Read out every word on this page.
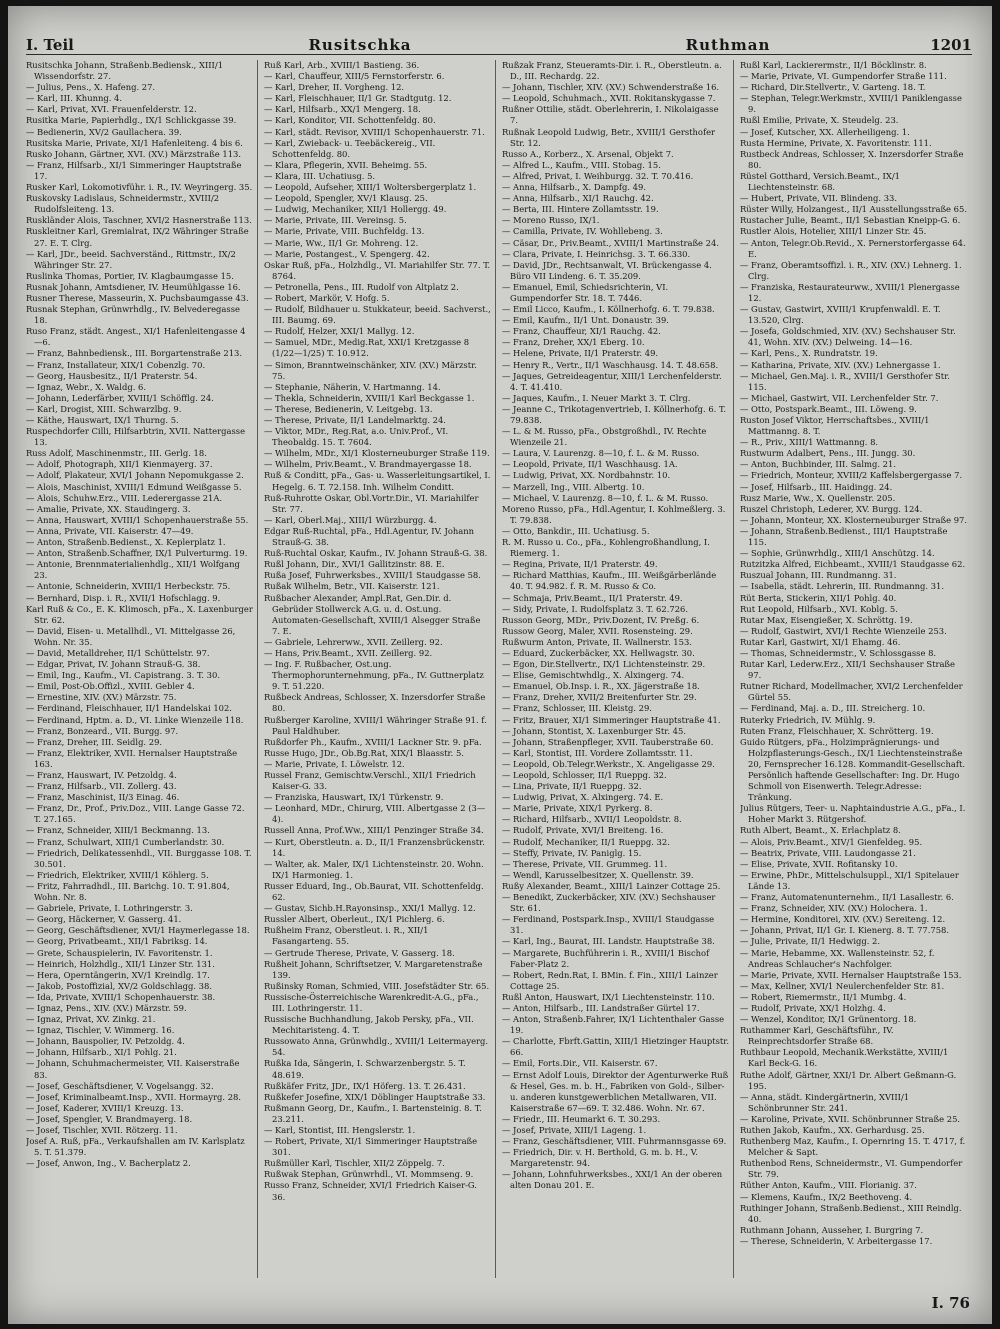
I. Teil	Rusitschka	Ruthman	1201
Rusitschka Johann, Straßenb.Bediensk., XIII/1 Wissendorfstr. 27.
— Julius, Pens., X. Hafeng. 27.
— Karl, III. Khunng. 4.
— Karl, Privat, XVI. Frauenfelderstr. 12.
Rusitka Marie, Papierhdlg., IX/1 Schlickgasse 39.
— Bedienerin, XV/2 Gaullachera. 39.
Rusitska Marie, Private, XI/1 Hafenleiteng. 4 bis 6.
Rusko Johann, Gärtner, XVI. (XV.) Märzstraße 113.
— Franz, Hilfsarb., XI/1 Simmeringer Hauptstraße 17.
Rusker Karl, Lokomotivführ. i. R., IV. Weyringerg. 35.
Ruskovsky Ladislaus, Schneidermstr., XVIII/2 Rudolfsleiteng. 13.
Ruskländer Alois, Taschner, XVI/2 Hasnerstraße 113.
Ruskleitner Karl, Gremialrat, IX/2 Währinger Straße 27. E. T. Clrg.
— Karl, JDr., beeid. Sachverständ., Rittmstr., IX/2 Währinger Str. 27.
Ruslinka Thomas, Portier, IV. Klagbaumgasse 15.
Rusnak Johann, Amtsdiener, IV. Heumühlgasse 16.
Rusner Therese, Masseurin, X. Puchsbaumgasse 43.
Rusnak Stephan, Grünwrhdlg., IV. Belvederegasse 18.
Ruso Franz, städt. Angest., XI/1 Hafenleitengasse 4—6.
— Franz, Bahnbediensk., III. Borgartenstraße 213.
— Franz, Installateur, XIX/1 Cobenzlg. 70.
— Georg, Hausbesitz., II/1 Praterstr. 54.
— Ignaz, Webr., X. Waldg. 6.
— Johann, Lederfärber, XVIII/1 Schöfflg. 24.
— Karl, Drogist, XIII. Schwarzlbg. 9.
— Käthe, Hauswart, IX/1 Thurng. 5.
Ruspechdorfer Cilli, Hilfsarbtrin, XVII. Nattergasse 13.
Russ Adolf, Maschinenmstr., III. Gerlg. 18.
— Adolf, Photograph, XII/1 Kienmayerg. 37.
— Adolf, Plakateur, XVI/1 Johann Nepomukgasse 2.
— Alois, Maschinist, XVIII/1 Edmund Weißgasse 5.
— Alois, Schuhw.Erz., VIII. Lederergasse 21A.
— Amalie, Private, XX. Staudingerg. 3.
— Anna, Hauswart, XVIII/1 Schopenhauerstraße 55.
— Anna, Private, VII. Kaiserstr. 47—49.
— Anton, Straßenb.Bedienst., X. Keplerplatz 1.
— Anton, Straßenb.Schaffner, IX/1 Pulverturmg. 19.
— Antonie, Brennmaterialienhdlg., XII/1 Wolfgang 23.
— Antonie, Schneiderin, XVIII/1 Herbeckstr. 75.
— Bernhard, Disp. i. R., XVII/1 Hofschlagg. 9.
Karl Ruß & Co., E. K. Klimosch, pFa., X. Laxenburger Str. 62.
— David, Eisen- u. Metallhdl., VI. Mittelgasse 26, Wohn. Nr. 35.
— David, Metalldreher, II/1 Schüttelstr. 97.
— Edgar, Privat, IV. Johann Strauß-G. 38.
— Emil, Ing., Kaufm., VI. Capistrang. 3. T. 30.
— Emil, Post-Ob.Offizl., XVIII. Gebler 4.
— Ernestine, XIV. (XV.) Märzstr. 75.
— Ferdinand, Fleischhauer, II/1 Handelskai 102.
— Ferdinand, Hptm. a. D., VI. Linke Wienzeile 118.
— Franz, Bonzeard., VII. Burgg. 97.
— Franz, Dreher, III. Seidlg. 29.
— Franz, Elektriker, XVII. Hernalser Hauptstraße 163.
— Franz, Hauswart, IV. Petzoldg. 4.
— Franz, Hilfsarb., VII. Zollerg. 43.
— Franz, Maschinist, II/3 Einag. 46.
— Franz, Dr., Prof., Priv.Doz., VIII. Lange Gasse 72. T. 27.165.
— Franz, Schneider, XIII/1 Beckmanng. 13.
— Franz, Schulwart, XIII/1 Cumberlandstr. 30.
— Friedrich, Delikatessenhdl., VII. Burggasse 108. T. 30.501.
— Friedrich, Elektriker, XVIII/1 Köhlerg. 5.
— Fritz, Fahrradhdl., III. Barichg. 10. T. 91.804, Wohn. Nr. 8.
— Gabriele, Private, I. Lothringerstr. 3.
— Georg, Häckerner, V. Gasserg. 41.
— Georg, Geschäftsdiener, XVI/1 Haymerlegasse 18.
— Georg, Privatbeamt., XII/1 Fabriksg. 14.
— Grete, Schauspielerin, IV. Favoritenstr. 1.
— Heinrich, Holzhdlg., XII/1 Linzer Str. 131.
— Hera, Operntängerin, XV/1 Kreindlg. 17.
— Jakob, Postoffizial, XV/2 Goldschlagg. 38.
— Ida, Private, XVIII/1 Schopenhauerstr. 38.
— Ignaz, Pens., XIV. (XV.) Märzstr. 59.
— Ignaz, Privat, XV. Zinkg. 21.
— Ignaz, Tischler, V. Wimmerg. 16.
— Johann, Bauspolier, IV. Petzoldg. 4.
— Johann, Hilfsarb., XI/1 Pohlg. 21.
— Johann, Schuhmachermeister, VII. Kaiserstraße 83.
— Josef, Geschäftsdiener, V. Vogelsangg. 32.
— Josef, Kriminalbeamt.Insp., XVII. Hormayrg. 28.
— Josef, Kaderer, XVIII/1 Kreuzg. 13.
— Josef, Spengler, V. Brandmayerg. 18.
— Josef, Tischler, XVII. Rötzerg. 11.
Josef A. Ruß, pFa., Verkaufshallen am IV. Karlsplatz 5. T. 51.379.
— Josef, Anwon, Ing., V. Bacherplatz 2.
Ruß Karl, Arb., XVIII/1 Bastieng. 36.
— Karl, Chauffeur, XIII/5 Fernstorferstr. 6.
— Karl, Dreher, II. Vorgheng. 12.
— Karl, Fleischhauer, II/1 Gr. Stadtgutg. 12.
— Karl, Hilfsarb., XX/1 Mengerg. 18.
— Karl, Konditor, VII. Schottenfeldg. 80.
— Karl, städt. Revisor, XVIII/1 Schopenhauerstr. 71.
— Karl, Zwieback- u. Teebäckereig., VII. Schottenfeldg. 80.
— Klara, Pflegerin, XVII. Beheimg. 55.
— Klara, III. Uchatiusg. 5.
— Leopold, Aufseher, XIII/1 Woltersbergerplatz 1.
— Leopold, Spengler, XV/1 Klausg. 25.
— Ludwig, Mechaniker, XII/1 Hollergg. 49.
— Marie, Private, III. Vereinsg. 5.
— Marie, Private, VIII. Buchfeldg. 13.
— Marie, Ww., II/1 Gr. Mohreng. 12.
— Marie, Postangest., V. Spengerg. 42.
Oskar Ruß, pFa., Holzhdlg., VI. Mariahilfer Str. 77. T. 8764.
— Petronella, Pens., III. Rudolf von Altplatz 2.
— Robert, Markör, V. Hofg. 5.
— Rudolf, Bildhauer u. Stukkateur, beeid. Sachverst., III. Baumg. 69.
— Rudolf, Helzer, XXI/1 Mallyg. 12.
— Samuel, MDr., Medig.Rat, XXI/1 Kretzgasse 8 (1/22—1/25) T. 10.912.
— Simon, Branntweinschänker, XIV. (XV.) Märzstr. 75.
— Stephanie, Näherin, V. Hartmanng. 14.
— Thekla, Schneiderin, XVIII/1 Karl Beckgasse 1.
— Therese, Bedienerin, V. Leitgebg. 13.
— Therese, Private, II/1 Landelmarktg. 24.
— Viktor, MDr., Reg.Rat, a.o. Univ.Prof., VI. Theobaldg. 15. T. 7604.
— Wilhelm, MDr., XI/1 Klosterneuburger Straße 119.
— Wilhelm, Priv.Beamt., V. Brandmayergasse 18.
Ruß & Conditt, pFa., Gas- u. Wasserleitungsartikel, I. Hegelg. 6. T. 72.158. Inh. Wilhelm Conditt.
Ruß-Ruhrotte Oskar, Obl.Vortr.Dir., VI. Mariahilfer Str. 77.
— Karl, Oberl.Maj., XIII/1 Würzburgg. 4.
Edgar Ruß-Ruchtal, pFa., Hdl.Agentur, IV. Johann Strauß-G. 38.
Ruß-Ruchtal Oskar, Kaufm., IV. Johann Strauß-G. 38.
Rußl Johann, Dir., XVI/1 Gallitzinstr. 88. E.
Rußa Josef, Fuhrwerksbes., XVIII/1 Staudgasse 58.
Rußak Wilhelm, Betr., VII. Kaiserstr. 121.
Rußbacher Alexander, Ampl.Rat, Gen.Dir. d. Gebrüder Stollwerck A.G. u. d. Ost.ung. Automaten-Gesellschaft, XVIII/1 Alsegger Straße 7. E.
— Gabriele, Lehrerww., XVII. Zeillerg. 92.
— Hans, Priv.Beamt., XVII. Zeillerg. 92.
— Ing. F. Rußbacher, Ost.ung. Thermophorunternehmung, pFa., IV. Guttnerplatz 9. T. 51.220.
Rußbeck Andreas, Schlosser, X. Inzersdorfer Straße 80.
Rußberger Karoline, XVIII/1 Währinger Straße 91. f. Paul Haldhuber.
Rußdorfer Ph., Kaufm., XVIII/1 Lackner Str. 9. pFa.
Russe Hugo, JDr., Ob.Bg.Rat, XIX/1 Blaasstr. 5.
— Marie, Private, I. Löwelstr. 12.
Russel Franz, Gemischtw.Verschl., XII/1 Friedrich Kaiser-G. 33.
— Franziska, Hauswart, IX/1 Türkenstr. 9.
— Leonhard, MDr., Chirurg, VIII. Albertgasse 2 (3—4).
Russell Anna, Prof.Ww., XIII/1 Penzinger Straße 34.
— Kurt, Oberstleutn. a. D., II/1 Franzensbrückenstr. 14.
— Walter, ak. Maler, IX/1 Lichtensteinstr. 20. Wohn. IX/1 Harmonieg. 1.
Russer Eduard, Ing., Ob.Baurat, VII. Schottenfeldg. 62.
— Gustav, Sichb.H.Rayonsinsp., XXI/1 Mallyg. 12.
Russler Albert, Oberleut., IX/1 Pichlerg. 6.
Rußheim Franz, Oberstleut. i. R., XII/1 Fasangarteng. 55.
— Gertrude Therese, Private, V. Gasserg. 18.
Rußheit Johann, Schriftsetzer, V. Margaretenstraße 139.
Rußinsky Roman, Schmied, VIII. Josefstädter Str. 65.
Russische-Österreichische Warenkredit-A.G., pFa., III. Lothringerstr. 11.
Russische Buchhandlung, Jakob Persky, pFa., VII. Mechitaristeng. 4. T.
Russowato Anna, Grünwhdlg., XVIII/1 Leitermayerg. 54.
Rußka Ida, Sängerin, I. Schwarzenbergstr. 5. T. 48.619.
Rußkäfer Fritz, JDr., IX/1 Höferg. 13. T. 26.431.
Rußkefer Josefine, XIX/1 Döblinger Hauptstraße 33.
Rußmann Georg, Dr., Kaufm., I. Bartensteinig. 8. T. 23.211.
— Karl, Stontist, III. Hengslerstr. 1.
— Robert, Private, XI/1 Simmeringer Hauptstraße 301.
Rußmüller Karl, Tischler, XII/2 Zöppelg. 7.
Rußwak Stephan, Grünwrhdl., VI. Mommseng. 9.
Russo Franz, Schneider, XVI/1 Friedrich Kaiser-G. 36.
Rußzak Franz, Steueramts-Dir. i. R., Oberstleutn. a. D., III. Rechardg. 22.
— Johann, Tischler, XIV. (XV.) Schwenderstraße 16.
— Leopold, Schuhmach., XVII. Rokitanskygasse 7.
Rußner Ottilie, städt. Oberlehrerin, I. Nikolaigasse 7.
Rußnak Leopold Ludwig, Betr., XVIII/1 Gersthofer Str. 12.
Russo A., Korberz., X. Arsenal, Objekt 7.
— Alfred L., Kaufm., VIII. Stobag. 15.
— Alfred, Privat, I. Weihburgg. 32. T. 70.416.
— Anna, Hilfsarb., X. Dampfg. 49.
— Anna, Hilfsarb., XI/1 Rauchg. 42.
— Berta, III. Hintere Zollamtsstr. 19.
— Moreno Russo, IX/1.
— Camilla, Private, IV. Wohllebeng. 3.
— Cäsar, Dr., Priv.Beamt., XVIII/1 Martinstraße 24.
— Clara, Private, I. Heinrichsg. 3. T. 66.330.
— David, JDr., Rechtsanwalt, VI. Brückengasse 4. Büro VII Lindeng. 6. T. 35.209.
— Emanuel, Emil, Schiedsrichterin, VI. Gumpendorfer Str. 18. T. 7446.
— Emil Licco, Kaufm., I. Köllnerhofg. 6. T. 79.838.
— Emil, Kaufm., II/1 Unt. Donaustr. 39.
— Franz, Chauffeur, XI/1 Rauchg. 42.
— Franz, Dreher, XX/1 Eberg. 10.
— Helene, Private, II/1 Praterstr. 49.
— Henry R., Vertr., II/1 Waschhausg. 14. T. 48.658.
— Jaques, Getreideagentur, XIII/1 Lerchenfelderstr. 4. T. 41.410.
— Jaques, Kaufm., I. Neuer Markt 3. T. Clrg.
— Jeanne C., Trikotagenvertrieb, I. Köllnerhofg. 6. T. 79.838.
— L. & M. Russo, pFa., Obstgroßhdl., IV. Rechte Wienzeile 21.
— Laura, V. Laurenzg. 8—10, f. L. & M. Russo.
— Leopold, Private, II/1 Waschhausg. 1A.
— Ludwig, Privat, XX. Nordbahnstr. 10.
— Marzell, Ing., VIII. Albertg. 10.
— Michael, V. Laurenzg. 8—10, f. L. & M. Russo.
Moreno Russo, pFa., Hdl.Agentur, I. Kohlmeßlerg. 3. T. 79.838.
— Otto, Bankdir., III. Uchatiusg. 5.
R. M. Russo u. Co., pFa., Kohlengroßhandlung, I. Riemerg. 1.
— Regina, Private, II/1 Praterstr. 49.
— Richard Matthias, Kaufm., III. Weißgärberlände 40. T. 94.982. f. R. M. Russo & Co.
— Schmaja, Priv.Beamt., II/1 Praterstr. 49.
— Sidy, Private, I. Rudolfsplatz 3. T. 62.726.
Russon Georg, MDr., Priv.Dozent, IV. Preßg. 6.
Russow Georg, Maler, XVII. Rosensteing. 29.
Rußwurm Anton, Private, II. Wallnerstr. 153.
— Eduard, Zuckerbäcker, XX. Hellwagstr. 30.
— Egon, Dir.Stellvertr., IX/1 Lichtensteinstr. 29.
— Elise, Gemischtwhdlg., X. Alxingerg. 74.
— Emanuel, Ob.Insp. i. R., XX. Jägerstraße 18.
— Franz, Dreher, XVII/2 Breitenfurter Str. 29.
— Franz, Schlosser, III. Kleistg. 29.
— Fritz, Brauer, XI/1 Simmeringer Hauptstraße 41.
— Johann, Stontist, X. Laxenburger Str. 45.
— Johann, Straßenpfleger, XVII. Tauberstraße 60.
— Karl, Stontist, III. Vordere Zollamtsstr. 11.
— Leopold, Ob.Telegr.Werkstr., X. Angeligasse 29.
— Leopold, Schlosser, II/1 Rueppg. 32.
— Lina, Private, II/1 Rueppg. 32.
— Ludwig, Privat, X. Alxingerg. 74. E.
— Marie, Private, XIX/1 Pyrkerg. 8.
— Richard, Hilfsarb., XVII/1 Leopoldstr. 8.
— Rudolf, Private, XVI/1 Breiteng. 16.
— Rudolf, Mechaniker, II/1 Rueppg. 32.
— Steffy, Private, IV. Paniglg. 15.
— Therese, Private, VII. Grummeg. 11.
— Wendl, Karusselbesitzer, X. Quellenstr. 39.
Rußy Alexander, Beamt., XIII/1 Lainzer Cottage 25.
— Benedikt, Zuckerbäcker, XIV. (XV.) Sechshauser Str. 61.
— Ferdinand, Postspark.Insp., XVIII/1 Staudgasse 31.
— Karl, Ing., Baurat, III. Landstr. Hauptstraße 38.
— Margarete, Buchführerin i. R., XVIII/1 Bischof Faber-Platz 2.
— Robert, Redn.Rat, I. BMin. f. Fin., XIII/1 Lainzer Cottage 25.
Rußl Anton, Hauswart, IX/1 Liechtensteinstr. 110.
— Anton, Hilfsarb., III. Landstraßer Gürtel 17.
— Anton, Straßenb.Fahrer, IX/1 Lichtenthaler Gasse 19.
— Charlotte, Fbrft.Gattin, XIII/1 Hietzinger Hauptstr. 66.
— Emil, Forts.Dir., VII. Kaiserstr. 67.
— Ernst Adolf Louis, Direktor der Agenturwerke Ruß & Hesel, Ges. m. b. H., Fabriken von Gold-, Silber- u. anderen kunstgewerblichen Metallwaren, VII. Kaiserstraße 67—69. T. 32.486. Wohn. Nr. 67.
— Friedr., III. Heumarkt 6. T. 30.293.
— Josef, Private, XIII/1 Lageng. 1.
— Franz, Geschäftsdiener, VIII. Fuhrmannsgasse 69.
— Friedrich, Dir. v. H. Berthold, G. m. b. H., V. Margaretenstr. 94.
— Johann, Lohnfuhrwerksbes., XXI/1 An der oberen alten Donau 201. E.
Rußl Karl, Lackierermstr., II/1 Böcklinstr. 8.
— Marie, Private, VI. Gumpendorfer Straße 111.
— Richard, Dir.Stellvertr., V. Garteng. 18. T.
— Stephan, Telegr.Werkmstr., XVIII/1 Paniklengasse 9.
Rußl Emilie, Private, X. Steudelg. 23.
— Josef, Kutscher, XX. Allerheiligeng. 1.
Rusta Hermine, Private, X. Favoritenstr. 111.
Rustbeck Andreas, Schlosser, X. Inzersdorfer Straße 80.
Rüstel Gotthard, Versich.Beamt., IX/1 Liechtensteinstr. 68.
— Hubert, Private, VII. Blindeng. 33.
Rüster Willy, Holzangest., II/1 Ausstellungsstraße 65.
Rustacher Julie, Beamt., II/1 Sebastian Kneipp-G. 6.
Rustler Alois, Hotelier, XIII/1 Linzer Str. 45.
— Anton, Telegr.Ob.Revid., X. Pernerstorfergasse 64. E.
— Franz, Oberamtsoffizl. i. R., XIV. (XV.) Lehnerg. 1. Clrg.
— Franziska, Restaurateurww., XVIII/1 Plenergasse 12.
— Gustav, Gastwirt, XVIII/1 Krupfenwaldl. E. T. 13.520, Clrg.
— Josefa, Goldschmied, XIV. (XV.) Sechshauser Str. 41, Wohn. XIV. (XV.) Delweing. 14—16.
— Karl, Pens., X. Rundratstr. 19.
— Katharina, Private, XIV. (XV.) Lehnergasse 1.
— Michael, Gen.Maj. i. R., XVIII/1 Gersthofer Str. 115.
— Michael, Gastwirt, VII. Lerchenfelder Str. 7.
— Otto, Postspark.Beamt., III. Löweng. 9.
Ruston Josef Viktor, Herrschaftsbes., XVIII/1 Mattmanng. 8. T.
— R., Priv., XIII/1 Wattmanng. 8.
Rustwurm Adalbert, Pens., III. Jungg. 30.
— Anton, Buchbinder, III. Salmg. 21.
— Friedrich, Monteur, XVIII/2 Kaffelsbergergasse 7.
— Josef, Hilfsarb., III. Haidingg. 24.
Rusz Marie, Ww., X. Quellenstr. 205.
Ruszel Christoph, Lederer, XV. Burgg. 124.
— Johann, Monteur, XX. Klosterneuburger Straße 97.
— Johann, Straßenb.Bedienst., III/1 Hauptstraße 115.
— Sophie, Grünwrhdlg., XIII/1 Anschützg. 14.
Rutzitzka Alfred, Eichbeamt., XVIII/1 Staudgasse 62.
Ruszual Johann, III. Rundmanng. 31.
— Isabella, städt. Lehrerin, III. Rundmanng. 31.
Rüt Berta, Stickerin, XII/1 Pohlg. 40.
Rut Leopold, Hilfsarb., XVI. Koblg. 5.
Rutar Max, Eisengießer, X. Schröttg. 19.
— Rudolf, Gastwirt, XVI/1 Rechte Wienzeile 253.
Rutar Karl, Gastwirt, XI/1 Ehamg. 46.
— Thomas, Schneidermstr., V. Schlossgasse 8.
Rutar Karl, Lederw.Erz., XII/1 Sechshauser Straße 97.
Rutner Richard, Modellmacher, XVI/2 Lerchenfelder Gürtel 55.
— Ferdinand, Maj. a. D., III. Streicherg. 10.
Ruterky Friedrich, IV. Mühlg. 9.
Ruten Franz, Fleischhauer, X. Schrötterg. 19.
Guido Rütgers, pFa., Holzimprägnierungs- und Holzpflasterungs-Gesch., IX/1 Liechtensteinstraße 20, Fernsprecher 16.128. Kommandit-Gesellschaft. Persönlich haftende Gesellschafter: Ing. Dr. Hugo Schmoll von Eisenwerth. Telegr.Adresse: Tränkung.
Julius Rütgers, Teer- u. Naphtaindustrie A.G., pFa., I. Hoher Markt 3. Rütgershof.
Ruth Albert, Beamt., X. Erlachplatz 8.
— Alois, Priv.Beamt., XIV/1 Gienfeldeg. 95.
— Beatrix, Private, VIII. Laudongasse 21.
— Elise, Private, XVII. Rofitansky 10.
— Erwine, PhDr., Mittelschulsuppl., XI/1 Spitelauer Lände 13.
— Franz, Automatenunternehm., II/1 Lasallestr. 6.
— Franz, Schneider, XIV. (XV.) Holochera. 1.
— Hermine, Konditorei, XIV. (XV.) Sereiteng. 12.
— Johann, Privat, II/1 Gr. I. Kienerg. 8. T. 77.758.
— Julie, Private, II/1 Hedwigg. 2.
— Marie, Hebamme, XX. Wallensteinstr. 52, f. Andreas Schlaucher's Nachfolger.
— Marie, Private, XVII. Hernalser Hauptstraße 153.
— Max, Kellner, XVI/1 Neulerchenfelder Str. 81.
— Robert, Riemermstr., II/1 Mumbg. 4.
— Rudolf, Private, XX/1 Holzhg. 4.
— Wenzel, Konditor, IX/1 Grünentorg. 18.
Ruthammer Karl, Geschäftsführ., IV. Reinprechtsdorfer Straße 68.
Ruthbaur Leopold, Mechanik.Werkstätte, XVIII/1 Karl Beck-G. 16.
Ruthe Adolf, Gärtner, XXI/1 Dr. Albert Geßmann-G. 195.
— Anna, städt. Kindergärtnerin, XVIII/1 Schönbrunner Str. 241.
— Karoline, Private, XVII. Schönbrunner Straße 25.
Ruthen Jakob, Kaufm., XX. Gerhardusg. 25.
Ruthenberg Maz, Kaufm., I. Opernring 15. T. 4717, f. Melcher & Sapt.
Ruthenbod Rens, Schneidermstr., VI. Gumpendorfer Str. 79.
Rüther Anton, Kaufm., VIII. Florianig. 37.
— Klemens, Kaufm., IX/2 Beethoveng. 4.
Ruthinger Johann, Straßenb.Bedienst., XIII Reindlg. 40.
Ruthmann Johann, Ausseher, I. Burgring 7.
— Therese, Schneiderin, V. Arbeitergasse 17.
I. 76
